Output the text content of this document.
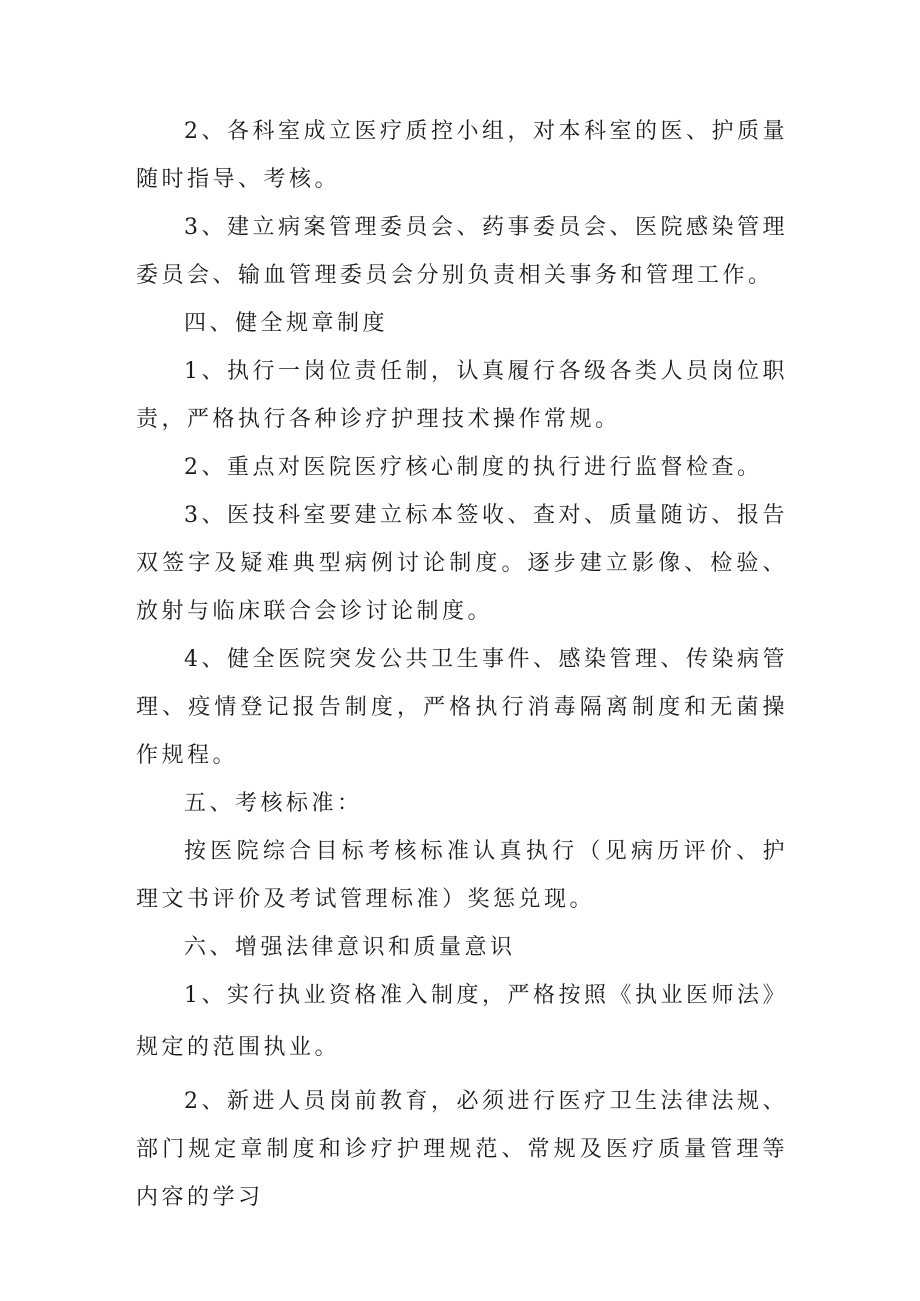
2、各科室成立医疗质控小组，对本科室的医、护质量随时指导、考核。

3、建立病案管理委员会、药事委员会、医院感染管理委员会、输血管理委员会分别负责相关事务和管理工作。

四、健全规章制度

1、执行一岗位责任制，认真履行各级各类人员岗位职责，严格执行各种诊疗护理技术操作常规。

2、重点对医院医疗核心制度的执行进行监督检查。

3、医技科室要建立标本签收、查对、质量随访、报告双签字及疑难典型病例讨论制度。逐步建立影像、检验、放射与临床联合会诊讨论制度。

4、健全医院突发公共卫生事件、感染管理、传染病管理、疫情登记报告制度，严格执行消毒隔离制度和无菌操作规程。

五、考核标准：

按医院综合目标考核标准认真执行（见病历评价、护理文书评价及考试管理标准）奖惩兑现。

六、增强法律意识和质量意识

1、实行执业资格准入制度，严格按照《执业医师法》

规定的范围执业。

2、新进人员岗前教育，必须进行医疗卫生法律法规、部门规定章制度和诊疗护理规范、常规及医疗质量管理等内容的学习
